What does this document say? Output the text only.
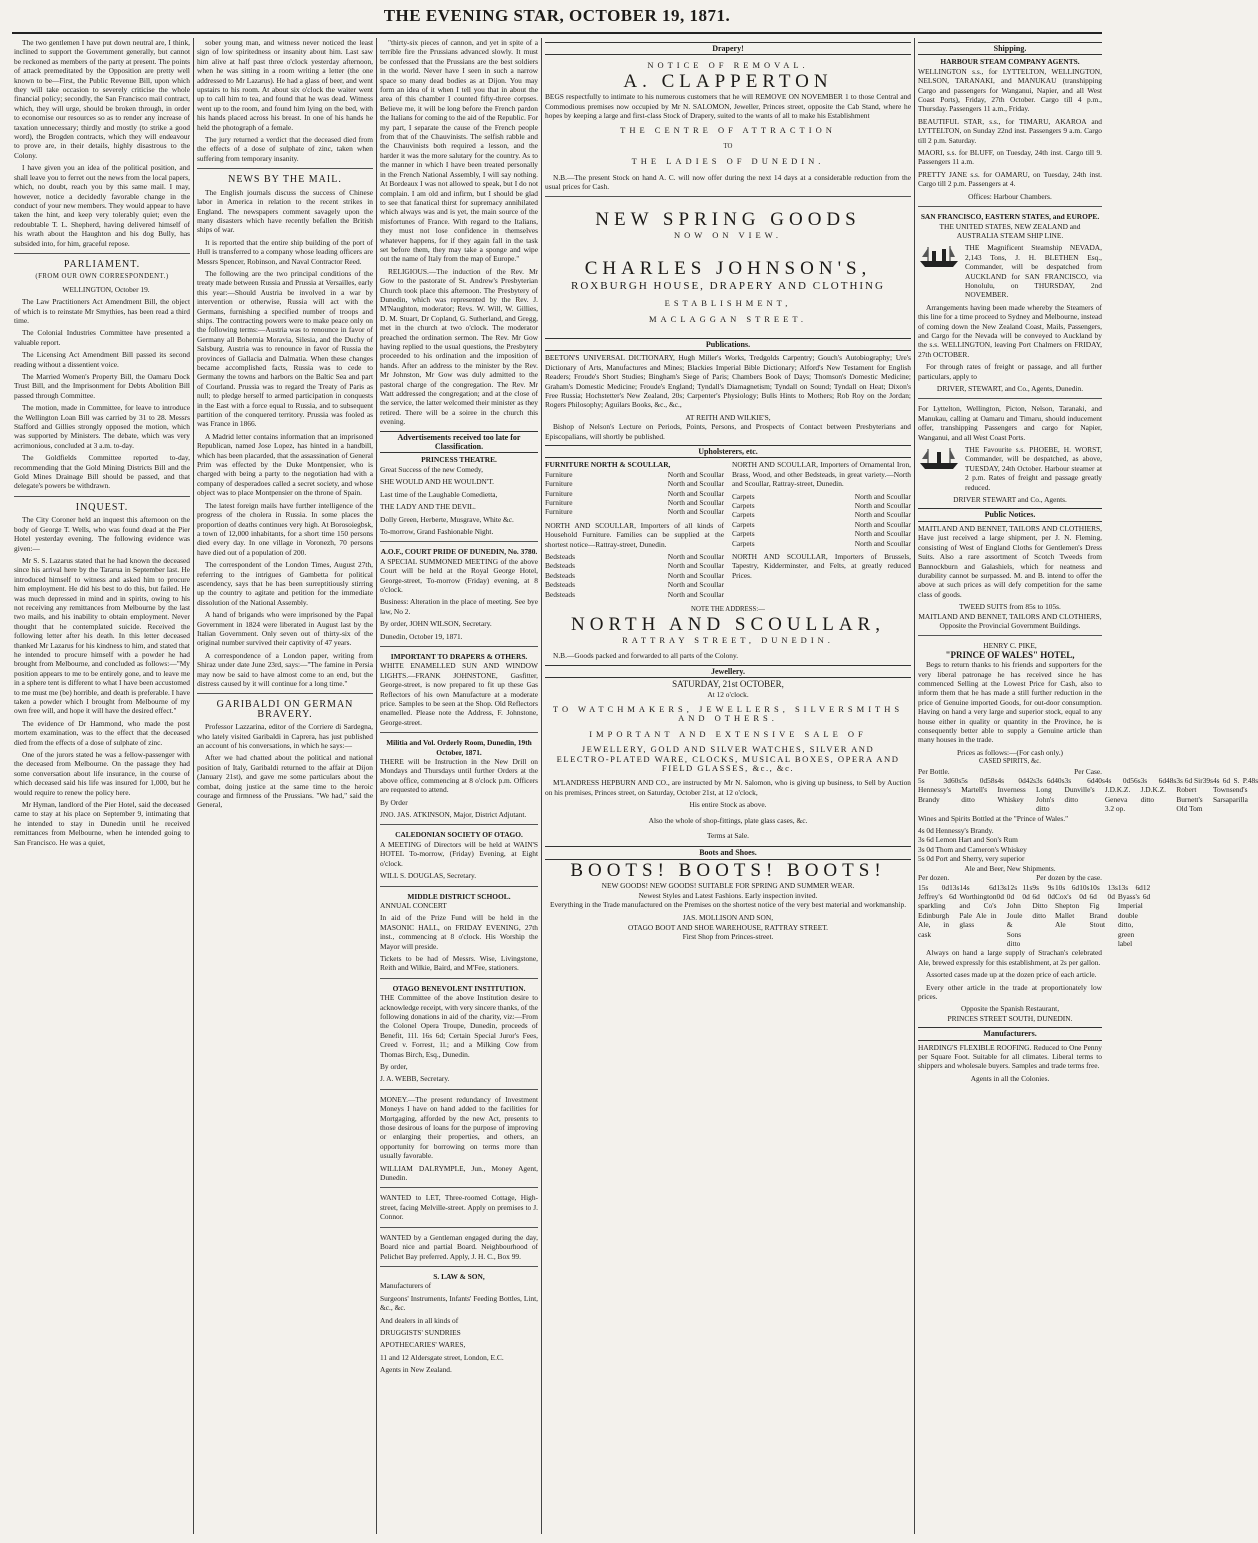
THE EVENING STAR, OCTOBER 19, 1871.

The two gentlemen I have put down neutral are, I think, inclined to support the Government generally, but cannot be reckoned as members of the party at present. The points of attack premeditated by the Opposition are pretty well known to be—First, the Public Revenue Bill, upon which they will take occasion to severely criticise the whole financial policy; secondly, the San Francisco mail contract, which, they will urge, should be broken through, in order to economise our resources so as to render any increase of taxation unnecessary; thirdly and mostly (to strike a good word), the Brogden contracts, which they will endeavour to prove are, in their details, highly disastrous to the Colony.

I have given you an idea of the political position, and shall leave you to ferret out the news from the local papers, which, no doubt, reach you by this same mail. I may, however, notice a decidedly favorable change in the conduct of your new members. They would appear to have taken the hint, and keep very tolerably quiet; even the redoubtable T. L. Shepherd, having delivered himself of his wrath about the Haughton and his dog Bully, has subsided into, for him, graceful repose.

PARLIAMENT.
(FROM OUR OWN CORRESPONDENT.)

WELLINGTON, October 19.

The Law Practitioners Act Amendment Bill, the object of which is to reinstate Mr Smythies, has been read a third time.

The Colonial Industries Committee have presented a valuable report.

The Licensing Act Amendment Bill passed its second reading without a dissentient voice.

The Married Women's Property Bill, the Oamaru Dock Trust Bill, and the Imprisonment for Debts Abolition Bill passed through Committee.

The motion, made in Committee, for leave to introduce the Wellington Loan Bill was carried by 31 to 28. Messrs Stafford and Gillies strongly opposed the motion, which was supported by Ministers. The debate, which was very acrimonious, concluded at 3 a.m. to-day.

The Goldfields Committee reported to-day, recommending that the Gold Mining Districts Bill and the Gold Mines Drainage Bill should be passed, and that delegate's powers be withdrawn.

INQUEST.

The City Coroner held an inquest this afternoon on the body of George T. Wells, who was found dead at the Pier Hotel yesterday evening. The following evidence was given:—

Mr S. S. Lazarus stated that he had known the deceased since his arrival here by the Tararua in September last. He introduced himself to witness and asked him to procure him employment. He did his best to do this, but failed. He was much depressed in mind and in spirits, owing to his not receiving any remittances from Melbourne by the last two mails, and his inability to obtain employment. Never thought that he contemplated suicide. Received the following letter after his death. In this letter deceased thanked Mr Lazarus for his kindness to him, and stated that he intended to procure himself with a powder he had brought from Melbourne, and concluded as follows:—"My position appears to me to be entirely gone, and to leave me in a sphere tent is different to what I have been accustomed to me must me (be) horrible, and death is preferable. I have taken a powder which I brought from Melbourne of my own free will, and hope it will have the desired effect."

The evidence of Dr Hammond, who made the post mortem examination, was to the effect that the deceased died from the effects of a dose of sulphate of zinc.

One of the jurors stated he was a fellow-passenger with the deceased from Melbourne. On the passage they had some conversation about life insurance, in the course of which deceased said his life was insured for 1,000, but he would require to renew the policy here.

Mr Hyman, landlord of the Pier Hotel, said the deceased came to stay at his place on September 9, intimating that he intended to stay in Dunedin until he received remittances from Melbourne, when he intended going to San Francisco. He was a quiet,

sober young man, and witness never noticed the least sign of low spiritedness or insanity about him. Last saw him alive at half past three o'clock yesterday afternoon, when he was sitting in a room writing a letter (the one addressed to Mr Lazarus). He had a glass of beer, and went upstairs to his room. At about six o'clock the waiter went up to call him to tea, and found that he was dead. Witness went up to the room, and found him lying on the bed, with his hands placed across his breast. In one of his hands he held the photograph of a female.

The jury returned a verdict that the deceased died from the effects of a dose of sulphate of zinc, taken when suffering from temporary insanity.

NEWS BY THE MAIL.

The English journals discuss the success of Chinese labor in America in relation to the recent strikes in England. The newspapers comment savagely upon the many disasters which have recently befallen the British ships of war.

It is reported that the entire ship building of the port of Hull is transferred to a company whose leading officers are Messrs Spencer, Robinson, and Naval Contractor Reed.

The following are the two principal conditions of the treaty made between Russia and Prussia at Versailles, early this year:—Should Austria be involved in a war by intervention or otherwise, Russia will act with the Germans, furnishing a specified number of troops and ships. The contracting powers were to make peace only on the following terms:—Austria was to renounce in favor of Germany all Bohemia Moravia, Silesia, and the Duchy of Salsburg. Austria was to renounce in favor of Russia the provinces of Gallacia and Dalmatia. When these changes became accomplished facts, Russia was to cede to Germany the towns and harbors on the Baltic Sea and part of Courland. Prussia was to regard the Treaty of Paris as null; to pledge herself to armed participation in conquests in the East with a force equal to Russia, and to subsequent partition of the conquered territory. Prussia was fooled as was France in 1866.

A Madrid letter contains information that an imprisoned Republican, named Jose Lopez, has hinted in a handbill, which has been placarded, that the assassination of General Prim was effected by the Duke Montpensier, who is charged with being a party to the negotiation had with a company of desperadoes called a secret society, and whose object was to place Montpensier on the throne of Spain.

The latest foreign mails have further intelligence of the progress of the cholera in Russia. In some places the proportion of deaths continues very high. At Borosoiegbsk, a town of 12,000 inhabitants, for a short time 150 persons died every day. In one village in Voronezh, 70 persons have died out of a population of 200.

The correspondent of the London Times, August 27th, referring to the intrigues of Gambetta for political ascendency, says that he has been surreptitiously stirring up the country to agitate and petition for the immediate dissolution of the National Assembly.

A hand of brigands who were imprisoned by the Papal Government in 1824 were liberated in August last by the Italian Government. Only seven out of thirty-six of the original number survived their captivity of 47 years.

A correspondence of a London paper, writing from Shiraz under date June 23rd, says:—"The famine in Persia may now be said to have almost come to an end, but the distress caused by it will continue for a long time."

GARIBALDI ON GERMAN BRAVERY.

Professor Lazzarina, editor of the Corriere di Sardegna, who lately visited Garibaldi in Caprera, has just published an account of his conversations, in which he says:—

After we had chatted about the political and national position of Italy, Garibaldi returned to the affair at Dijon (January 21st), and gave me some particulars about the combat, doing justice at the same time to the heroic courage and firmness of the Prussians. "We had," said the General,

"thirty-six pieces of cannon, and yet in spite of a terrible fire the Prussians advanced slowly. It must be confessed that the Prussians are the best soldiers in the world. Never have I seen in such a narrow space so many dead bodies as at Dijon. You may form an idea of it when I tell you that in about the area of this chamber I counted fifty-three corpses. Believe me, it will be long before the French pardon the Italians for coming to the aid of the Republic. For my part, I separate the cause of the French people from that of the Chauvinists. The selfish rabble and the Chauvinists both required a lesson, and the harder it was the more salutary for the country. As to the manner in which I have been treated personally in the French National Assembly, I will say nothing. At Bordeaux I was not allowed to speak, but I do not complain. I am old and infirm, but I should be glad to see that fanatical thirst for supremacy annihilated which always was and is yet, the main source of the misfortunes of France. With regard to the Italians, they must not lose confidence in themselves whatever happens, for if they again fall in the task set before them, they may take a sponge and wipe out the name of Italy from the map of Europe."

RELIGIOUS.—The induction of the Rev. Mr Gow to the pastorate of St. Andrew's Presbyterian Church took place this afternoon. The Presbytery of Dunedin, which was represented by the Rev. J. M'Naughton, moderator; Revs. W. Will, W. Gillies, D. M. Stuart, Dr Copland, G. Sutherland, and Gregg, met in the church at two o'clock. The moderator preached the ordination sermon. The Rev. Mr Gow having replied to the usual questions, the Presbytery proceeded to his ordination and the imposition of hands. After an address to the minister by the Rev. Mr Johnston, Mr Gow was duly admitted to the pastoral charge of the congregation. The Rev. Mr Watt addressed the congregation; and at the close of the service, the latter welcomed their minister as they retired. There will be a soiree in the church this evening.

Advertisements received too late for Classification.
PRINCESS THEATRE.

Great Success of the new Comedy,

SHE WOULD AND HE WOULDN'T.

Last time of the Laughable Comedietta,

THE LADY AND THE DEVIL.

Dolly Green, Herberte, Musgrave, White &c.

To-morrow, Grand Fashionable Night.

A.O.F., COURT PRIDE OF DUNEDIN, No. 3780.

A SPECIAL SUMMONED MEETING of the above Court will be held at the Royal George Hotel, George-street, To-morrow (Friday) evening, at 8 o'clock.

Business: Alteration in the place of meeting. See bye law, No 2.

By order, JOHN WILSON, Secretary.

Dunedin, October 19, 1871.

IMPORTANT TO DRAPERS & OTHERS.

WHITE ENAMELLED SUN AND WINDOW LIGHTS.—FRANK JOHNSTONE, Gasfitter, George-street, is now prepared to fit up these Gas Reflectors of his own Manufacture at a moderate price. Samples to be seen at the Shop. Old Reflectors enamelled. Please note the Address, F. Johnstone, George-street.

Militia and Vol. Orderly Room, Dunedin, 19th October, 1871.

THERE will be Instruction in the New Drill on Mondays and Thursdays until further Orders at the above office, commencing at 8 o'clock p.m. Officers are requested to attend.

By Order

JNO. JAS. ATKINSON, Major, District Adjutant.

CALEDONIAN SOCIETY OF OTAGO.

A MEETING of Directors will be held at WAIN'S HOTEL To-morrow, (Friday) Evening, at Eight o'clock.

WILL S. DOUGLAS, Secretary.

MIDDLE DISTRICT SCHOOL.

ANNUAL CONCERT

In aid of the Prize Fund will be held in the MASONIC HALL, on FRIDAY EVENING, 27th inst., commencing at 8 o'clock. His Worship the Mayor will preside.

Tickets to be had of Messrs. Wise, Livingstone, Reith and Wilkie, Baird, and M'Fee, stationers.

OTAGO BENEVOLENT INSTITUTION.

THE Committee of the above Institution desire to acknowledge receipt, with very sincere thanks, of the following donations in aid of the charity, viz:—From the Colonel Opera Troupe, Dunedin, proceeds of Benefit, 11l. 16s 6d; Certain Special Juror's Fees, Creed v. Forrest, 1l.; and a Milking Cow from Thomas Birch, Esq., Dunedin.

By order,

J. A. WEBB, Secretary.

MONEY.—The present redundancy of Investment Moneys I have on hand added to the facilities for Mortgaging, afforded by the new Act, presents to those desirous of loans for the purpose of improving or enlarging their properties, and others, an opportunity for borrowing on terms more than usually favorable.

WILLIAM DALRYMPLE, Jun., Money Agent, Dunedin.

WANTED to LET, Three-roomed Cottage, High-street, facing Melville-street. Apply on premises to J. Connor.

WANTED by a Gentleman engaged during the day, Board nice and partial Board. Neighbourhood of Pelichet Bay preferred. Apply, J. H. C., Box 99.

S. LAW & SON,

Manufacturers of

Surgeons' Instruments, Infants' Feeding Bottles, Lint, &c., &c.

And dealers in all kinds of

DRUGGISTS' SUNDRIES

APOTHECARIES' WARES,

11 and 12 Aldersgate street, London, E.C.

Agents in New Zealand.

Drapery!
NOTICE OF REMOVAL.
A. CLAPPERTON

BEGS respectfully to intimate to his numerous customers that he will REMOVE ON NOVEMBER 1 to those Central and Commodious premises now occupied by Mr N. SALOMON, Jeweller, Princes street, opposite the Cab Stand, where he hopes by keeping a large and first-class Stock of Drapery, suited to the wants of all to make his Establishment

THE CENTRE OF ATTRACTION
TO
THE LADIES OF DUNEDIN.

N.B.—The present Stock on hand A. C. will now offer during the next 14 days at a considerable reduction from the usual prices for Cash.

NEW SPRING GOODS
NOW ON VIEW.
CHARLES JOHNSON'S,
ROXBURGH HOUSE, DRAPERY AND CLOTHING
ESTABLISHMENT,
MACLAGGAN STREET.
Publications.

BEETON'S UNIVERSAL DICTIONARY, Hugh Miller's Works, Tredgolds Carpentry; Gouch's Autobiography; Ure's Dictionary of Arts, Manufactures and Mines; Blackies Imperial Bible Dictionary; Alford's New Testament for English Readers; Froude's Short Studies; Bingham's Siege of Paris; Chambers Book of Days; Thomson's Domestic Medicine; Graham's Domestic Medicine; Froude's England; Tyndall's Diamagnetism; Tyndall on Sound; Tyndall on Heat; Dixon's Free Russia; Hochstetter's New Zealand, 20s; Carpenter's Physiology; Bulls Hints to Mothers; Rob Roy on the Jordan; Rogers Philosophy; Aguilars Books, &c., &c.,

AT REITH AND WILKIE'S,

Bishop of Nelson's Lecture on Periods, Points, Persons, and Prospects of Contact between Presbyterians and Episcopalians, will shortly be published.

Upholsterers, etc.
FURNITURE NORTH & SCOULLAR,
Furniture	North and Scoullar
Furniture	North and Scoullar
Furniture	North and Scoullar
Furniture	North and Scoullar
Furniture	North and Scoullar

NORTH AND SCOULLAR, Importers of all kinds of Household Furniture. Families can be supplied at the shortest notice—Rattray-street, Dunedin.

Bedsteads	North and Scoullar
Bedsteads	North and Scoullar
Bedsteads	North and Scoullar
Bedsteads	North and Scoullar
Bedsteads	North and Scoullar

NORTH AND SCOULLAR, Importers of Ornamental Iron, Brass, Wood, and other Bedsteads, in great variety.—North and Scoullar, Rattray-street, Dunedin.

Carpets	North and Scoullar
Carpets	North and Scoullar
Carpets	North and Scoullar
Carpets	North and Scoullar
Carpets	North and Scoullar
Carpets	North and Scoullar

NORTH AND SCOULLAR, Importers of Brussels, Tapestry, Kidderminster, and Felts, at greatly reduced Prices.

NOTE THE ADDRESS:—
NORTH AND SCOULLAR,
RATTRAY STREET, DUNEDIN.

N.B.—Goods packed and forwarded to all parts of the Colony.

Jewellery.
SATURDAY, 21st OCTOBER,
At 12 o'clock.
TO WATCHMAKERS, JEWELLERS, SILVERSMITHS AND OTHERS.
IMPORTANT AND EXTENSIVE SALE OF
JEWELLERY, GOLD AND SILVER WATCHES, SILVER AND ELECTRO-PLATED WARE, CLOCKS, MUSICAL BOXES, OPERA AND FIELD GLASSES, &c., &c.

M'LANDRESS HEPBURN AND CO., are instructed by Mr N. Salomon, who is giving up business, to Sell by Auction on his premises, Princes street, on Saturday, October 21st, at 12 o'clock,

His entire Stock as above.
Also the whole of shop-fittings, plate glass cases, &c.
Terms at Sale.
Boots and Shoes.
BOOTS! BOOTS! BOOTS!
NEW GOODS! NEW GOODS! SUITABLE FOR SPRING AND SUMMER WEAR.
Newest Styles and Latest Fashions. Early inspection invited.
Everything in the Trade manufactured on the Premises on the shortest notice of the very best material and workmanship.
JAS. MOLLISON AND SON,
OTAGO BOOT AND SHOE WAREHOUSE, RATTRAY STREET.
First Shop from Princes-street.
Shipping.
HARBOUR STEAM COMPANY AGENTS.

WELLINGTON s.s., for LYTTELTON, WELLINGTON, NELSON, TARANAKI, and MANUKAU (transhipping Cargo and passengers for Wanganui, Napier, and all West Coast Ports), Friday, 27th October. Cargo till 4 p.m., Thursday. Passengers 11 a.m., Friday.

BEAUTIFUL STAR, s.s., for TIMARU, AKAROA and LYTTELTON, on Sunday 22nd inst. Passengers 9 a.m. Cargo till 2 p.m. Saturday.

MAORI, s.s. for BLUFF, on Tuesday, 24th inst. Cargo till 9. Passengers 11 a.m.

PRETTY JANE s.s. for OAMARU, on Tuesday, 24th inst. Cargo till 2 p.m. Passengers at 4.

Offices: Harbour Chambers.
SAN FRANCISCO, EASTERN STATES, and EUROPE.
THE UNITED STATES, NEW ZEALAND and AUSTRALIA STEAM SHIP LINE.
THE Magnificent Steamship NEVADA, 2,143 Tons, J. H. BLETHEN Esq., Commander, will be despatched from AUCKLAND for SAN FRANCISCO, via Honolulu, on THURSDAY, 2nd NOVEMBER.

Arrangements having been made whereby the Steamers of this line for a time proceed to Sydney and Melbourne, instead of coming down the New Zealand Coast, Mails, Passengers, and Cargo for the Nevada will be conveyed to Auckland by the s.s. WELLINGTON, leaving Port Chalmers on FRIDAY, 27th OCTOBER.

For through rates of freight or passage, and all further particulars, apply to

DRIVER, STEWART, and Co., Agents, Dunedin.

For Lyttelton, Wellington, Picton, Nelson, Taranaki, and Manukau, calling at Oamaru and Timaru, should inducement offer, transhipping Passengers and cargo for Napier, Wanganui, and all West Coast Ports.

THE Favourite s.s. PHOEBE, H. WORST, Commander, will be despatched, as above, TUESDAY, 24th October. Harbour steamer at 2 p.m. Rates of freight and passage greatly reduced.
DRIVER STEWART and Co., Agents.
Public Notices.

MAITLAND AND BENNET, TAILORS AND CLOTHIERS, Have just received a large shipment, per J. N. Fleming, consisting of West of England Cloths for Gentlemen's Dress Suits. Also a rare assortment of Scotch Tweeds from Bannockburn and Galashiels, which for neatness and durability cannot be surpassed. M. and B. intend to offer the above at such prices as will defy competition for the same class of goods.

TWEED SUITS from 85s to 105s.
MAITLAND AND BENNET, TAILORS AND CLOTHIERS, Opposite the Provincial Government Buildings.
HENRY C. PIKE,
"PRINCE OF WALES" HOTEL,

Begs to return thanks to his friends and supporters for the very liberal patronage he has received since he has commenced Selling at the Lowest Price for Cash, also to inform them that he has made a still further reduction in the price of Genuine imported Goods, for out-door consumption. Having on hand a very large and superior stock, equal to any house either in quality or quantity in the Province, he is consequently better able to supply a Genuine article than many houses in the trade.

Prices as follows:—(For cash only.)
CASED SPIRITS, &c.
Per Bottle.	Per Case.
5s 3d Hennessy's Brandy
60s 5s 0d Martell's ditto
58s 4s 0d Inverness Whiskey
42s 3s 6d Long John's ditto
40s 3s 6d Dunville's ditto
40s 4s 0d J.D.K.Z. Geneva 3.2 op.
56s 3s 6d J.D.K.Z. ditto
48s 3s 6d Sir Robert Burnett's Old Tom
39s 4s 6d S. P. Townsend's Sarsaparilla
48s

Wines and Spirits Bottled at the "Prince of Wales."

4s 0d Hennessy's Brandy.
3s 6d Lemon Hart and Son's Rum
3s 0d Thom and Cameron's Whiskey
5s 0d Port and Sherry, very superior
Ale and Beer, New Shipments.
Per dozen.	Per dozen by the case.
15s 0d Jeffrey's sparkling Edinburgh Ale, in cask
13s 6d
14s 6d Worthington and Co's Pale Ale in glass
13s 0d
12s 0d John Joule & Sons ditto
11s 0d
9s 6d Ditto ditto
9s 0d
10s 6d Cox's Shepton Mallet Ale
10s 0d
10s 6d Fig Brand Stout
13s 0d
13s 6d Byass's Imperial double ditto, green label
12 6d

Always on hand a large supply of Strachan's celebrated Ale, brewed expressly for this establishment, at 2s per gallon.

Assorted cases made up at the dozen price of each article.

Every other article in the trade at proportionately low prices.

Opposite the Spanish Restaurant,
PRINCES STREET SOUTH, DUNEDIN.
Manufacturers.

HARDING'S FLEXIBLE ROOFING. Reduced to One Penny per Square Foot. Suitable for all climates. Liberal terms to shippers and wholesale buyers. Samples and trade terms free.

Agents in all the Colonies.
